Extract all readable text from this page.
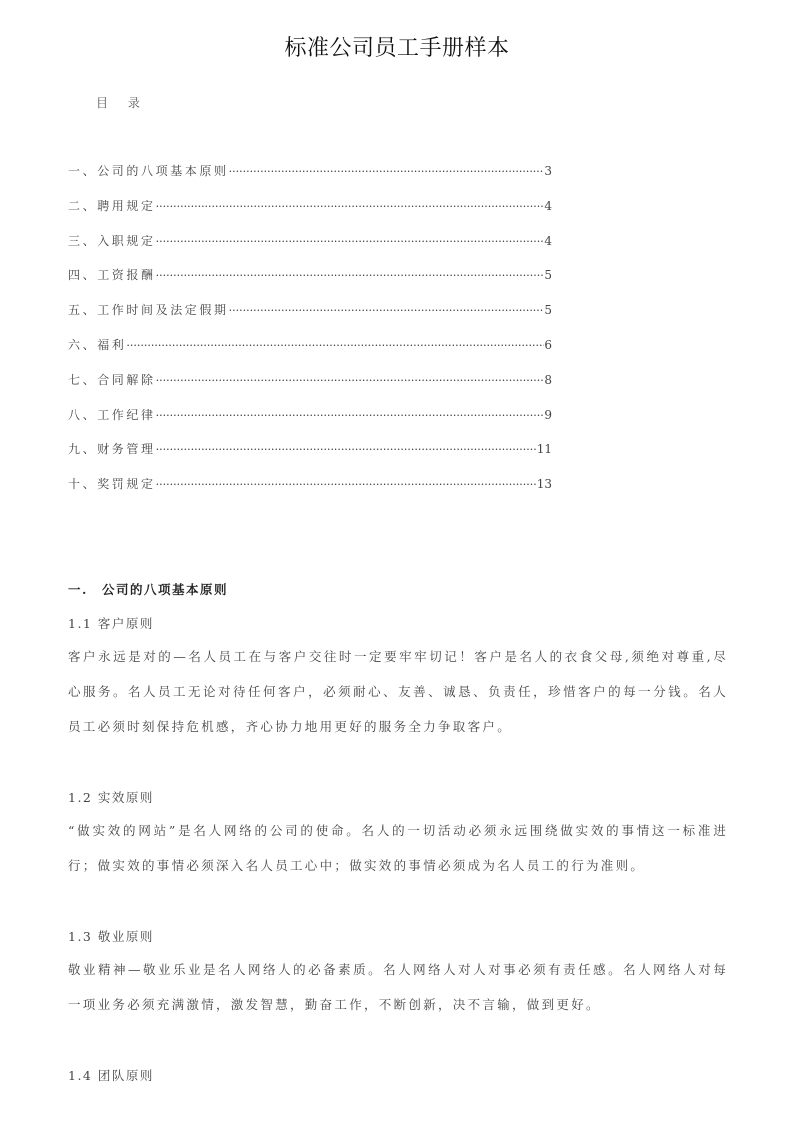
标准公司员工手册样本
目 录
一、公司的八项基本原则 ·····	3
二、聘用规定 ·····	4
三、入职规定 ·····	4
四、工资报酬 ·····	5
五、工作时间及法定假期 ·····	5
六、福利 ·····	6
七、合同解除 ·····	8
八、工作纪律 ·····	9
九、财务管理 ·····	11
十、奖罚规定 ·····	13
一. 公司的八项基本原则
1.1 客户原则
客户永远是对的—名人员工在与客户交往时一定要牢牢切记！客户是名人的衣食父母,须绝对尊重,尽心服务。名人员工无论对待任何客户，必须耐心、友善、诚恳、负责任，珍惜客户的每一分钱。名人员工必须时刻保持危机感，齐心协力地用更好的服务全力争取客户。
1.2 实效原则
“做实效的网站”是名人网络的公司的使命。名人的一切活动必须永远围绕做实效的事情这一标准进行；做实效的事情必须深入名人员工心中；做实效的事情必须成为名人员工的行为准则。
1.3 敬业原则
敬业精神—敬业乐业是名人网络人的必备素质。名人网络人对人对事必须有责任感。名人网络人对每一项业务必须充满激情，激发智慧，勤奋工作，不断创新，决不言输，做到更好。
1.4 团队原则
